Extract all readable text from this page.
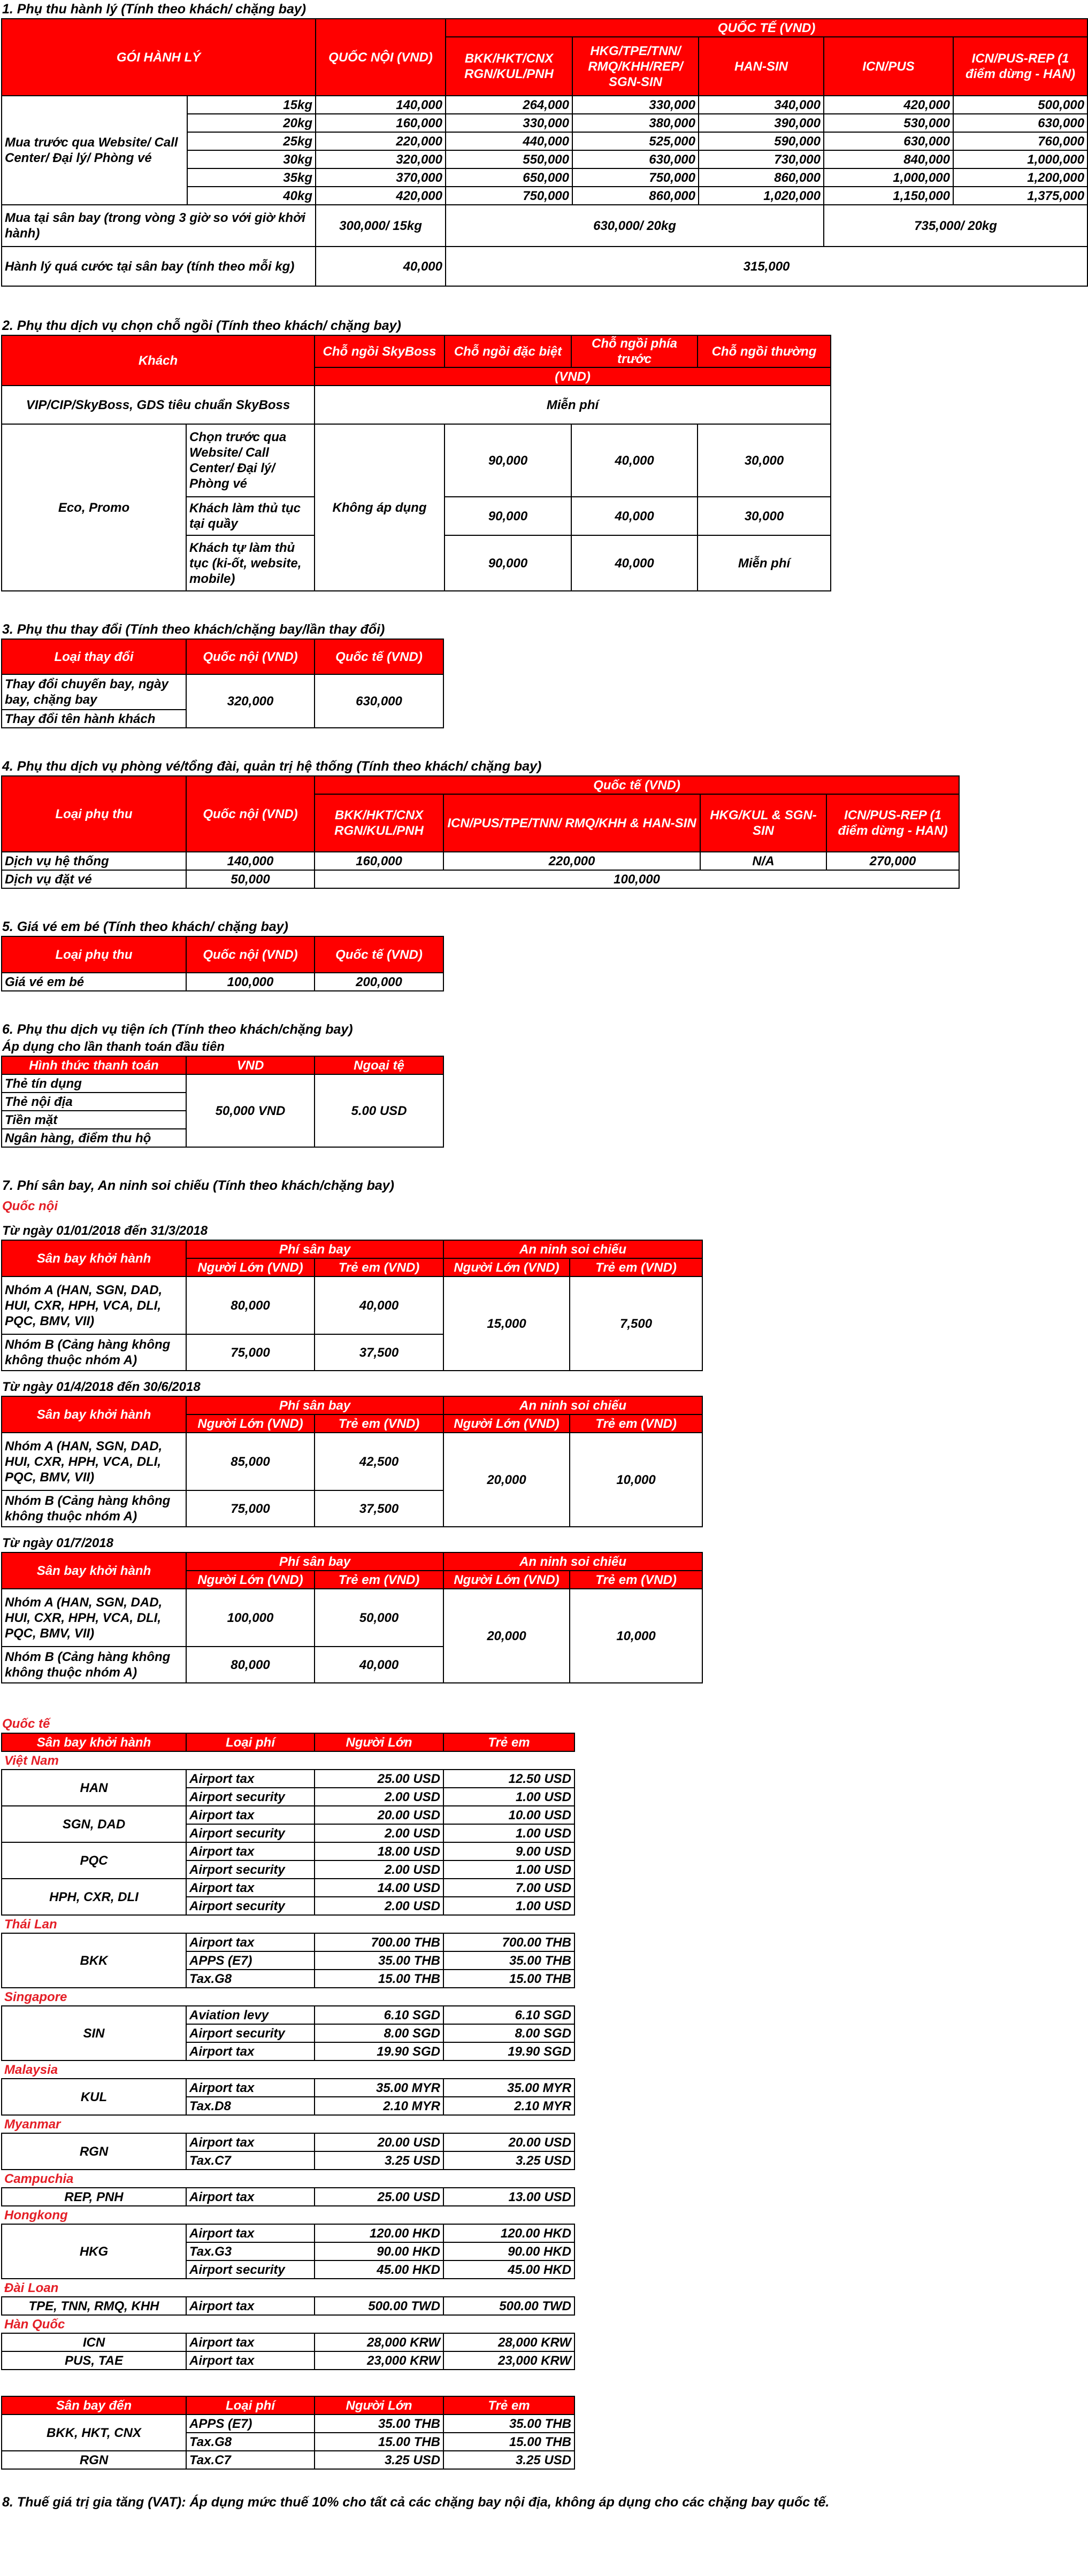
1. Phụ thu hành lý (Tính theo khách/ chặng bay)
GÓI HÀNH LÝ		QUỐC NỘI (VND)	QUỐC TẾ (VND)				
			BKK/HKT/CNX RGN/KUL/PNH	HKG/TPE/TNN/ RMQ/KHH/REP/ SGN-SIN	HAN-SIN	ICN/PUS	ICN/PUS-REP (1 điểm dừng - HAN)
Mua trước qua Website/ Call Center/ Đại lý/ Phòng vé	15kg	140,000	264,000	330,000	340,000	420,000	500,000
	20kg	160,000	330,000	380,000	390,000	530,000	630,000
	25kg	220,000	440,000	525,000	590,000	630,000	760,000
	30kg	320,000	550,000	630,000	730,000	840,000	1,000,000
	35kg	370,000	650,000	750,000	860,000	1,000,000	1,200,000
	40kg	420,000	750,000	860,000	1,020,000	1,150,000	1,375,000
Mua tại sân bay (trong vòng 3 giờ so với giờ khởi hành)		300,000/ 15kg	630,000/ 20kg			735,000/ 20kg	
Hành lý quá cước tại sân bay (tính theo mỗi kg)		40,000	315,000				
2. Phụ thu dịch vụ chọn chỗ ngồi (Tính theo khách/ chặng bay)
Khách		Chỗ ngồi SkyBoss	Chỗ ngồi đặc biệt	Chỗ ngồi phía trước	Chỗ ngồi thường
		(VND)			
VIP/CIP/SkyBoss, GDS tiêu chuẩn SkyBoss		Miễn phí			
Eco, Promo	Chọn trước qua Website/ Call Center/ Đại lý/ Phòng vé	Không áp dụng	90,000	40,000	30,000
	Khách làm thủ tục tại quầy		90,000	40,000	30,000
	Khách tự làm thủ tục (ki-ốt, website, mobile)		90,000	40,000	Miễn phí
3. Phụ thu thay đổi (Tính theo khách/chặng bay/lần thay đổi)
Loại thay đổi	Quốc nội (VND)	Quốc tế (VND)
Thay đổi chuyến bay, ngày bay, chặng bay	320,000	630,000
Thay đổi tên hành khách		
4. Phụ thu dịch vụ phòng vé/tổng đài, quản trị hệ thống (Tính theo khách/ chặng bay)
Loại phụ thu	Quốc nội (VND)	Quốc tế (VND)			
		BKK/HKT/CNX RGN/KUL/PNH	ICN/PUS/TPE/TNN/ RMQ/KHH & HAN-SIN	HKG/KUL & SGN-SIN	ICN/PUS-REP (1 điểm dừng - HAN)
Dịch vụ hệ thống	140,000	160,000	220,000	N/A	270,000
Dịch vụ đặt vé	50,000	100,000			
5. Giá vé em bé (Tính theo khách/ chặng bay)
Loại phụ thu	Quốc nội (VND)	Quốc tế (VND)
Giá vé em bé	100,000	200,000
6. Phụ thu dịch vụ tiện ích (Tính theo khách/chặng bay)
Áp dụng cho lần thanh toán đầu tiên
Hình thức thanh toán	VND	Ngoại tệ
Thẻ tín dụng	50,000 VND	5.00 USD
Thẻ nội địa		
Tiền mặt		
Ngân hàng, điểm thu hộ		
7. Phí sân bay, An ninh soi chiếu (Tính theo khách/chặng bay)
Quốc nội
Từ ngày 01/01/2018 đến 31/3/2018
Sân bay khởi hành	Phí sân bay		An ninh soi chiếu	
	Người Lớn (VND)	Trẻ em (VND)	Người Lớn (VND)	Trẻ em (VND)
Nhóm A (HAN, SGN, DAD, HUI, CXR, HPH, VCA, DLI, PQC, BMV, VII)	80,000	40,000	15,000	7,500
Nhóm B (Cảng hàng không không thuộc nhóm A)	75,000	37,500		
Từ ngày 01/4/2018 đến 30/6/2018
Sân bay khởi hành	Phí sân bay		An ninh soi chiếu	
	Người Lớn (VND)	Trẻ em (VND)	Người Lớn (VND)	Trẻ em (VND)
Nhóm A (HAN, SGN, DAD, HUI, CXR, HPH, VCA, DLI, PQC, BMV, VII)	85,000	42,500	20,000	10,000
Nhóm B (Cảng hàng không không thuộc nhóm A)	75,000	37,500		
Từ ngày 01/7/2018
Sân bay khởi hành	Phí sân bay		An ninh soi chiếu	
	Người Lớn (VND)	Trẻ em (VND)	Người Lớn (VND)	Trẻ em (VND)
Nhóm A (HAN, SGN, DAD, HUI, CXR, HPH, VCA, DLI, PQC, BMV, VII)	100,000	50,000	20,000	10,000
Nhóm B (Cảng hàng không không thuộc nhóm A)	80,000	40,000		
Quốc tế
Sân bay khởi hành	Loại phí	Người Lớn	Trẻ em
Việt Nam			
HAN	Airport tax	25.00 USD	12.50 USD
	Airport security	2.00 USD	1.00 USD
SGN, DAD	Airport tax	20.00 USD	10.00 USD
	Airport security	2.00 USD	1.00 USD
PQC	Airport tax	18.00 USD	9.00 USD
	Airport security	2.00 USD	1.00 USD
HPH, CXR, DLI	Airport tax	14.00 USD	7.00 USD
	Airport security	2.00 USD	1.00 USD
Thái Lan			
BKK	Airport tax	700.00 THB	700.00 THB
	APPS (E7)	35.00 THB	35.00 THB
	Tax.G8	15.00 THB	15.00 THB
Singapore			
SIN	Aviation levy	6.10 SGD	6.10 SGD
	Airport security	8.00 SGD	8.00 SGD
	Airport tax	19.90 SGD	19.90 SGD
Malaysia			
KUL	Airport tax	35.00 MYR	35.00 MYR
	Tax.D8	2.10 MYR	2.10 MYR
Myanmar			
RGN	Airport tax	20.00 USD	20.00 USD
	Tax.C7	3.25 USD	3.25 USD
Campuchia			
REP, PNH	Airport tax	25.00 USD	13.00 USD
Hongkong			
HKG	Airport tax	120.00 HKD	120.00 HKD
	Tax.G3	90.00 HKD	90.00 HKD
	Airport security	45.00 HKD	45.00 HKD
Đài Loan			
TPE, TNN, RMQ, KHH	Airport tax	500.00 TWD	500.00 TWD
Hàn Quốc			
ICN	Airport tax	28,000 KRW	28,000 KRW
PUS, TAE	Airport tax	23,000 KRW	23,000 KRW
Sân bay đến	Loại phí	Người Lớn	Trẻ em
BKK, HKT, CNX	APPS (E7)	35.00 THB	35.00 THB
	Tax.G8	15.00 THB	15.00 THB
RGN	Tax.C7	3.25 USD	3.25 USD
8. Thuế giá trị gia tăng (VAT): Áp dụng mức thuế 10% cho tất cả các chặng bay nội địa, không áp dụng cho các chặng bay quốc tế.
